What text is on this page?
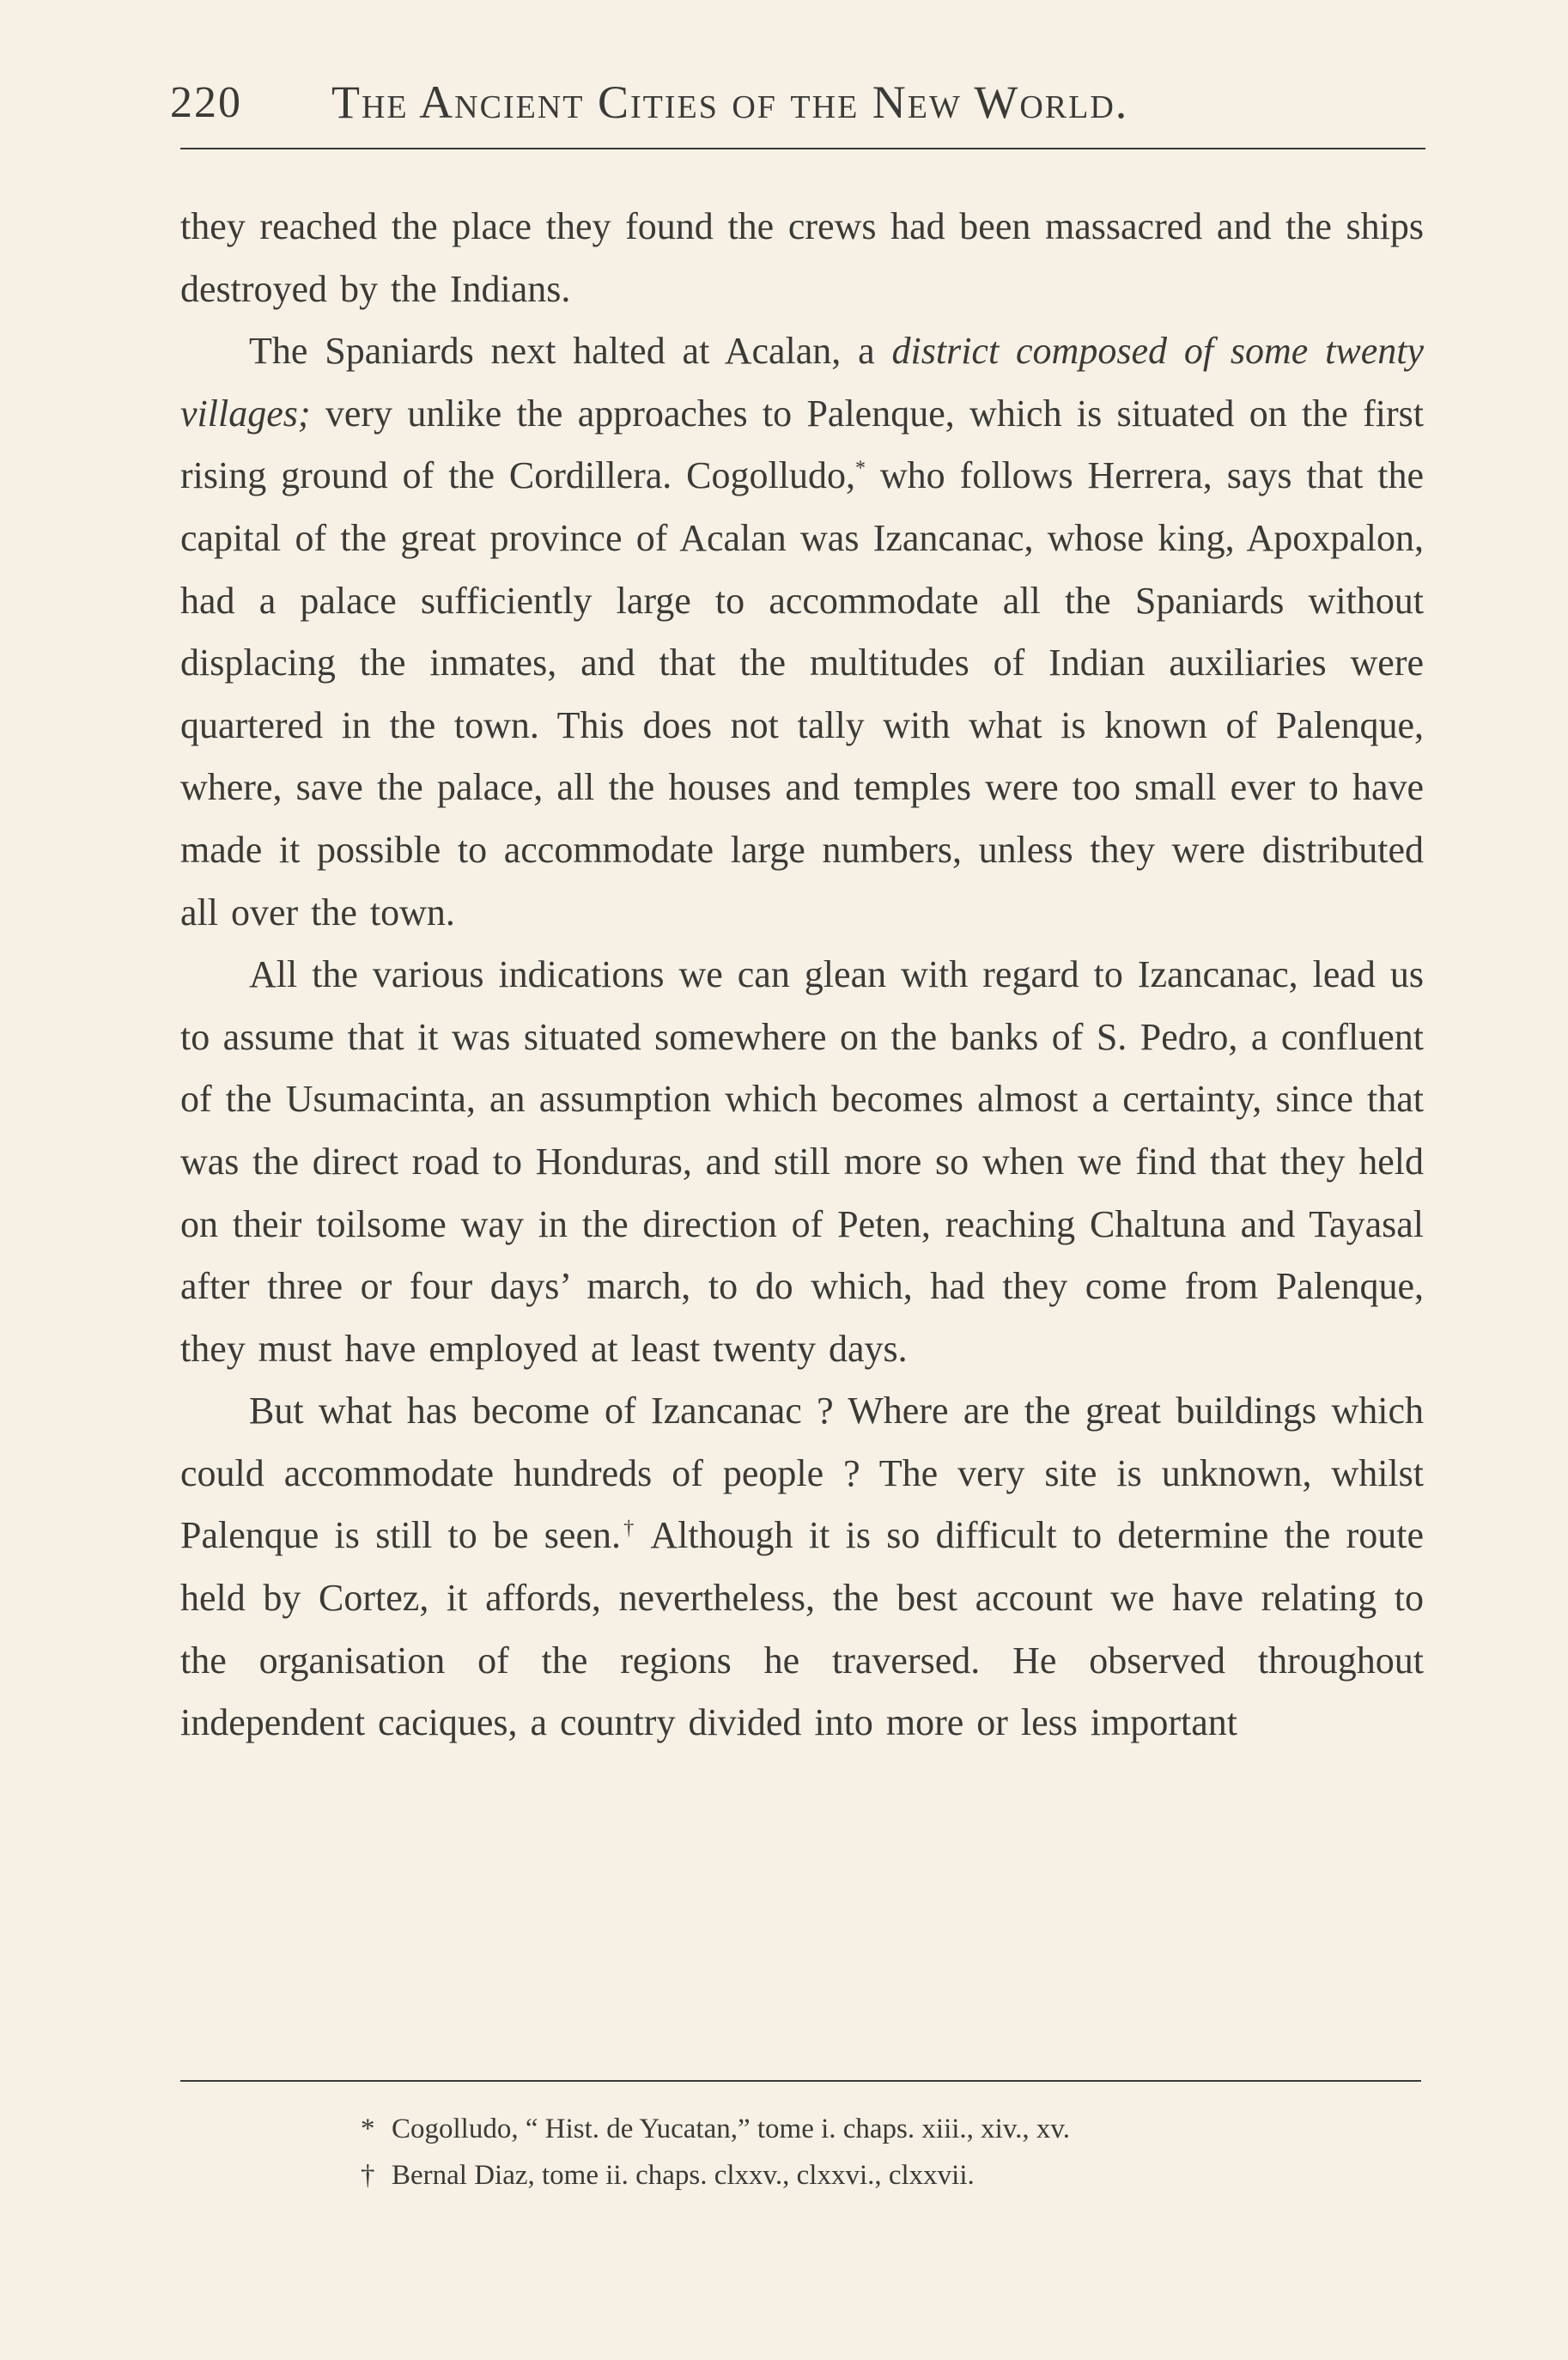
220 The Ancient Cities of the New World.

they reached the place they found the crews had been massacred and the ships destroyed by the Indians.

The Spaniards next halted at Acalan, a district composed of some twenty villages; very unlike the approaches to Palenque, which is situated on the first rising ground of the Cordillera. Cogolludo,* who follows Herrera, says that the capital of the great province of Acalan was Izancanac, whose king, Apoxpalon, had a palace sufficiently large to accommodate all the Spaniards without displacing the inmates, and that the multitudes of Indian auxiliaries were quartered in the town. This does not tally with what is known of Palenque, where, save the palace, all the houses and temples were too small ever to have made it possible to accommodate large numbers, unless they were distributed all over the town.

All the various indications we can glean with regard to Izancanac, lead us to assume that it was situated somewhere on the banks of S. Pedro, a confluent of the Usumacinta, an assumption which becomes almost a certainty, since that was the direct road to Honduras, and still more so when we find that they held on their toilsome way in the direction of Peten, reaching Chaltuna and Tayasal after three or four days’ march, to do which, had they come from Palenque, they must have employed at least twenty days.

But what has become of Izancanac ? Where are the great buildings which could accommodate hundreds of people ? The very site is unknown, whilst Palenque is still to be seen.† Although it is so difficult to determine the route held by Cortez, it affords, nevertheless, the best account we have relating to the organisation of the regions he traversed. He observed throughout independent caciques, a country divided into more or less important

* Cogolludo, “ Hist. de Yucatan,” tome i. chaps. xiii., xiv., xv.
† Bernal Diaz, tome ii. chaps. clxxv., clxxvi., clxxvii.
